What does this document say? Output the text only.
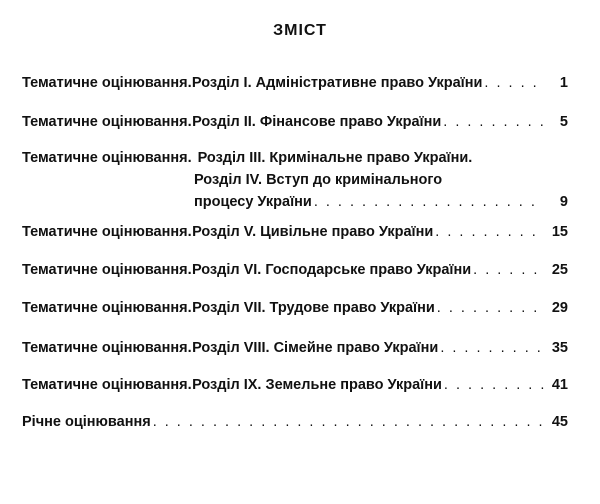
ЗМІСТ
Тематичне оцінювання. Розділ І. Адміністративне право України . . .	1
Тематичне оцінювання. Розділ ІІ. Фінансове право України . . .	5
Тематичне оцінювання. Розділ ІІІ. Кримінальне право України.
Розділ IV. Вступ до кримінального
процесу України . . .	9
Тематичне оцінювання. Розділ V. Цивільне право України . . .	15
Тематичне оцінювання. Розділ VI. Господарське право України . . .	25
Тематичне оцінювання. Розділ VII. Трудове право України . . .	29
Тематичне оцінювання. Розділ VIII. Сімейне право України . . .	35
Тематичне оцінювання. Розділ IX. Земельне право України . . .	41
Річне оцінювання . . .	45
